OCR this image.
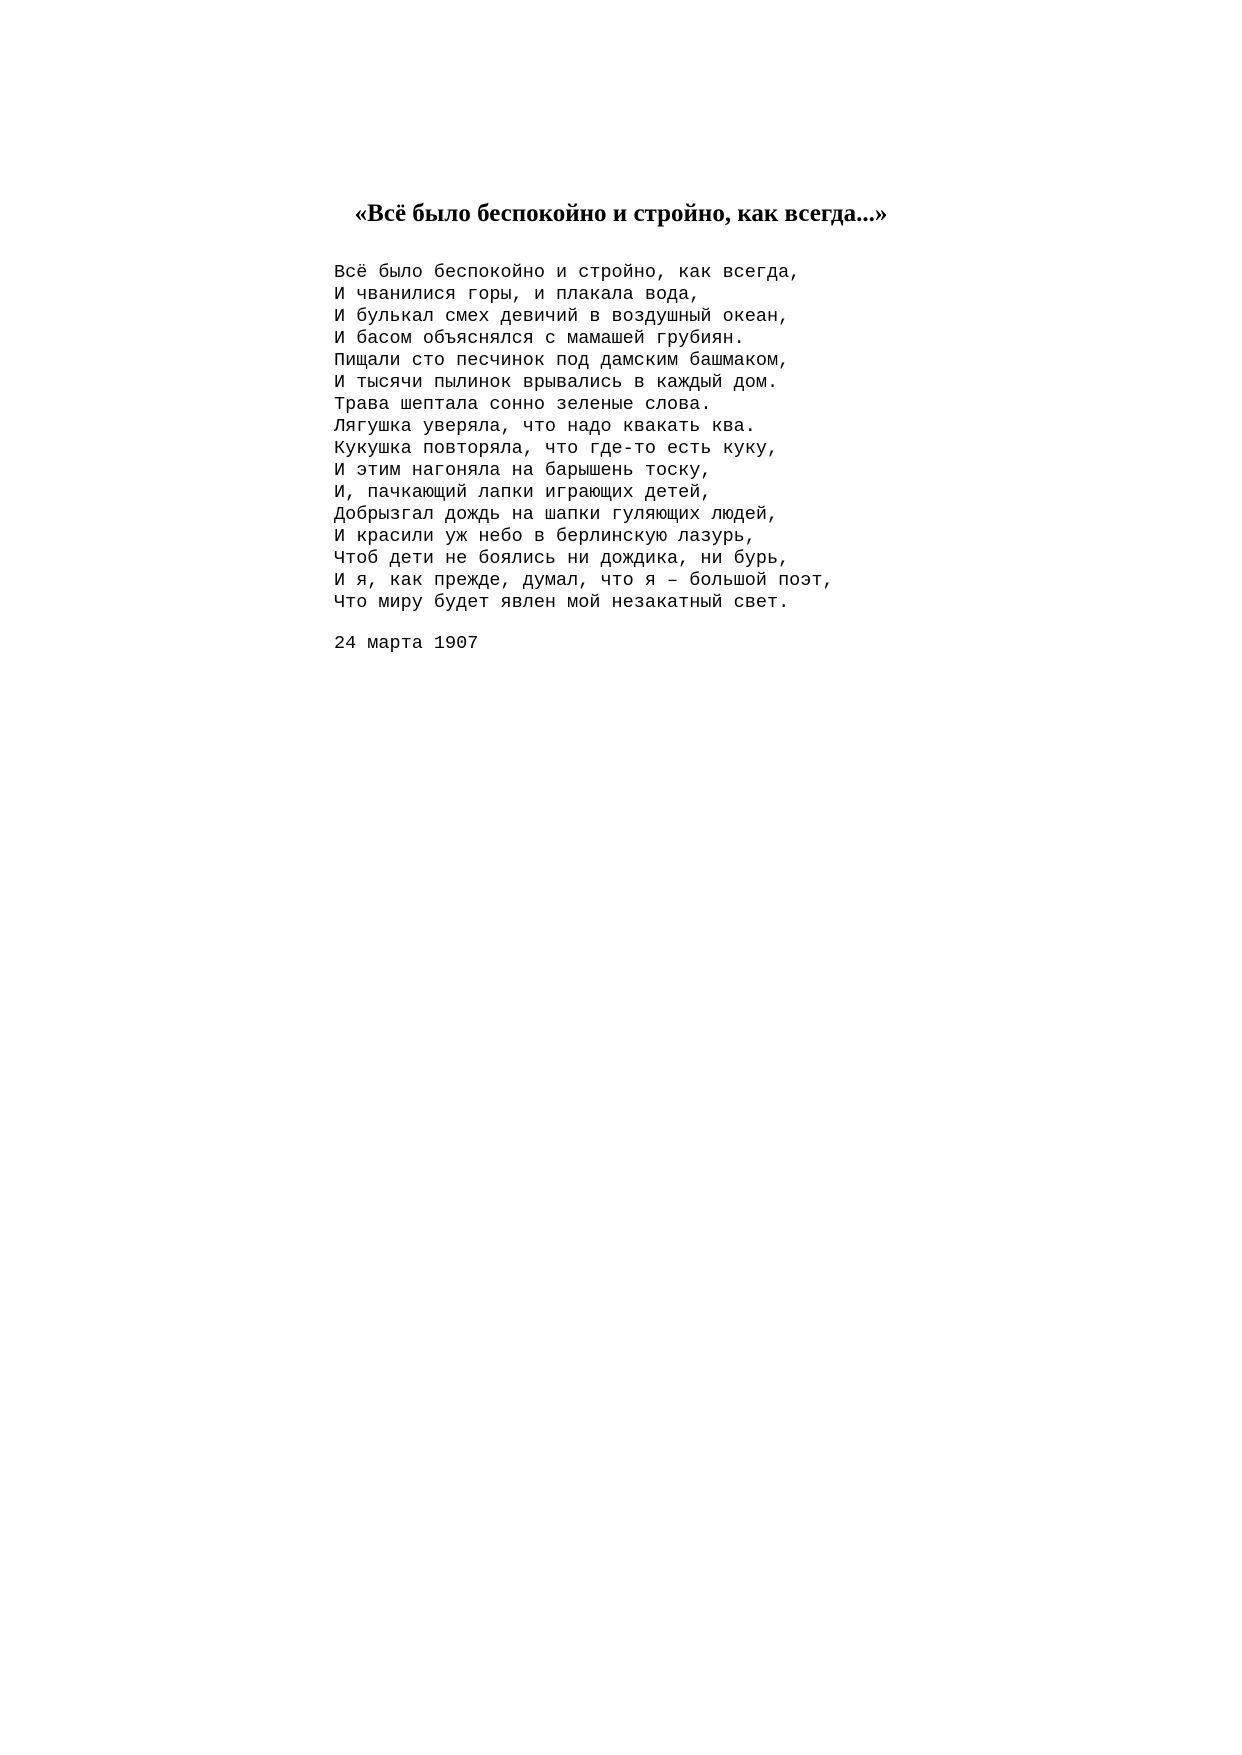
«Всё было беспокойно и стройно, как всегда...»
Всё было беспокойно и стройно, как всегда,
И чванилися горы, и плакала вода,
И булькал смех девичий в воздушный океан,
И басом объяснялся с мамашей грубиян.
Пищали сто песчинок под дамским башмаком,
И тысячи пылинок врывались в каждый дом.
Трава шептала сонно зеленые слова.
Лягушка уверяла, что надо квакать ква.
Кукушка повторяла, что где-то есть куку,
И этим нагоняла на барышень тоску,
И, пачкающий лапки играющих детей,
Добрызгал дождь на шапки гуляющих людей,
И красили уж небо в берлинскую лазурь,
Чтоб дети не боялись ни дождика, ни бурь,
И я, как прежде, думал, что я – большой поэт,
Что миру будет явлен мой незакатный свет.
24 марта 1907
